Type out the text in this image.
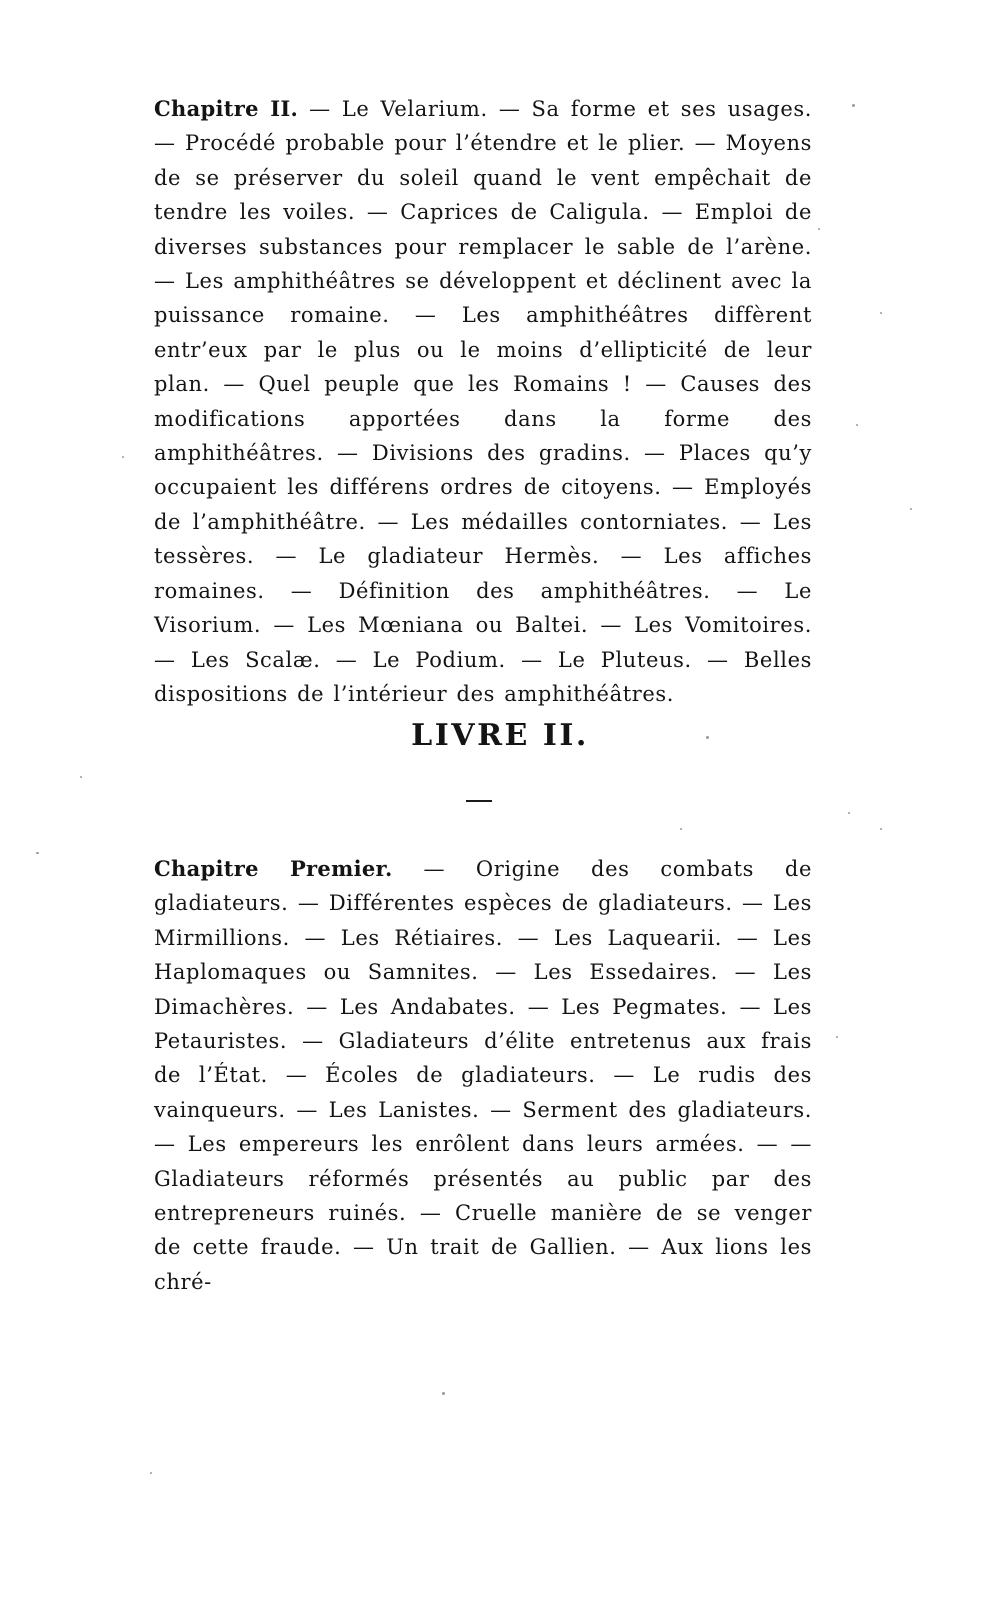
Chapitre II. — Le Velarium. — Sa forme et ses usages. — Procédé probable pour l’étendre et le plier. — Moyens de se préserver du soleil quand le vent empêchait de tendre les voiles. — Caprices de Caligula. — Emploi de diverses substances pour remplacer le sable de l’arène. — Les amphithéâtres se développent et déclinent avec la puissance romaine. — Les amphithéâtres diffèrent entr’eux par le plus ou le moins d’ellipticité de leur plan. — Quel peuple que les Romains ! — Causes des modifications apportées dans la forme des amphithéâtres. — Divisions des gradins. — Places qu’y occupaient les différens ordres de citoyens. — Employés de l’amphithéâtre. — Les médailles contorniates. — Les tessères. — Le gladiateur Hermès. — Les affiches romaines. — Définition des amphithéâtres. — Le Visorium. — Les Mœniana ou Baltei. — Les Vomitoires. — Les Scalæ. — Le Podium. — Le Pluteus. — Belles dispositions de l’intérieur des amphithéâtres.

LIVRE II.

Chapitre Premier. — Origine des combats de gladiateurs. — Différentes espèces de gladiateurs. — Les Mirmillions. — Les Rétiaires. — Les Laquearii. — Les Haplomaques ou Samnites. — Les Essedaires. — Les Dimachères. — Les Andabates. — Les Pegmates. — Les Petauristes. — Gladiateurs d’élite entretenus aux frais de l’État. — Écoles de gladiateurs. — Le rudis des vainqueurs. — Les Lanistes. — Serment des gladiateurs. — Les empereurs les enrôlent dans leurs armées. — — Gladiateurs réformés présentés au public par des entrepreneurs ruinés. — Cruelle manière de se venger de cette fraude. — Un trait de Gallien. — Aux lions les chré-
